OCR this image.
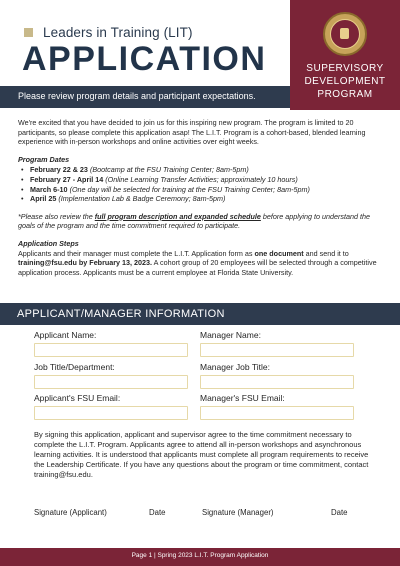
Leaders in Training (LIT)
APPLICATION	SUPERVISORY
DEVELOPMENT
PROGRAM
Please review program details and participant expectations.

We're excited that you have decided to join us for this inspiring new program. The program is limited to 20 participants, so please complete this application asap! The L.I.T. Program is a cohort-based, blended learning experience with in-person workshops and online activities over eight weeks.

Program Dates
• February 22 & 23 (Bootcamp at the FSU Training Center; 8am-5pm)
• February 27 - April 14 (Online Learning Transfer Activities; approximately 10 hours)
• March 6-10 (One day will be selected for training at the FSU Training Center; 8am-5pm)
• April 25 (Implementation Lab & Badge Ceremony; 8am-5pm)

*Please also review the full program description and expanded schedule before applying to understand the goals of the program and the time commitment required to participate.

Application Steps

Applicants and their manager must complete the L.I.T. Application form as one document and send it to training@fsu.edu by February 13, 2023. A cohort group of 20 employees will be selected through a competitive application process. Applicants must be a current employee at Florida State University.

APPLICANT/MANAGER INFORMATION
Applicant Name:	Manager Name:
Job Title/Department:	Manager Job Title:
Applicant's FSU Email:	Manager's FSU Email:

By signing this application, applicant and supervisor agree to the time commitment necessary to complete the L.I.T. Program. Applicants agree to attend all in-person workshops and asynchronous learning activities. It is understood that applicants must complete all program requirements to receive the Leadership Certificate. If you have any questions about the program or time commitment, contact training@fsu.edu.

Signature (Applicant)	Date	Signature (Manager)	Date
Page 1 | Spring 2023 L.I.T. Program Application
